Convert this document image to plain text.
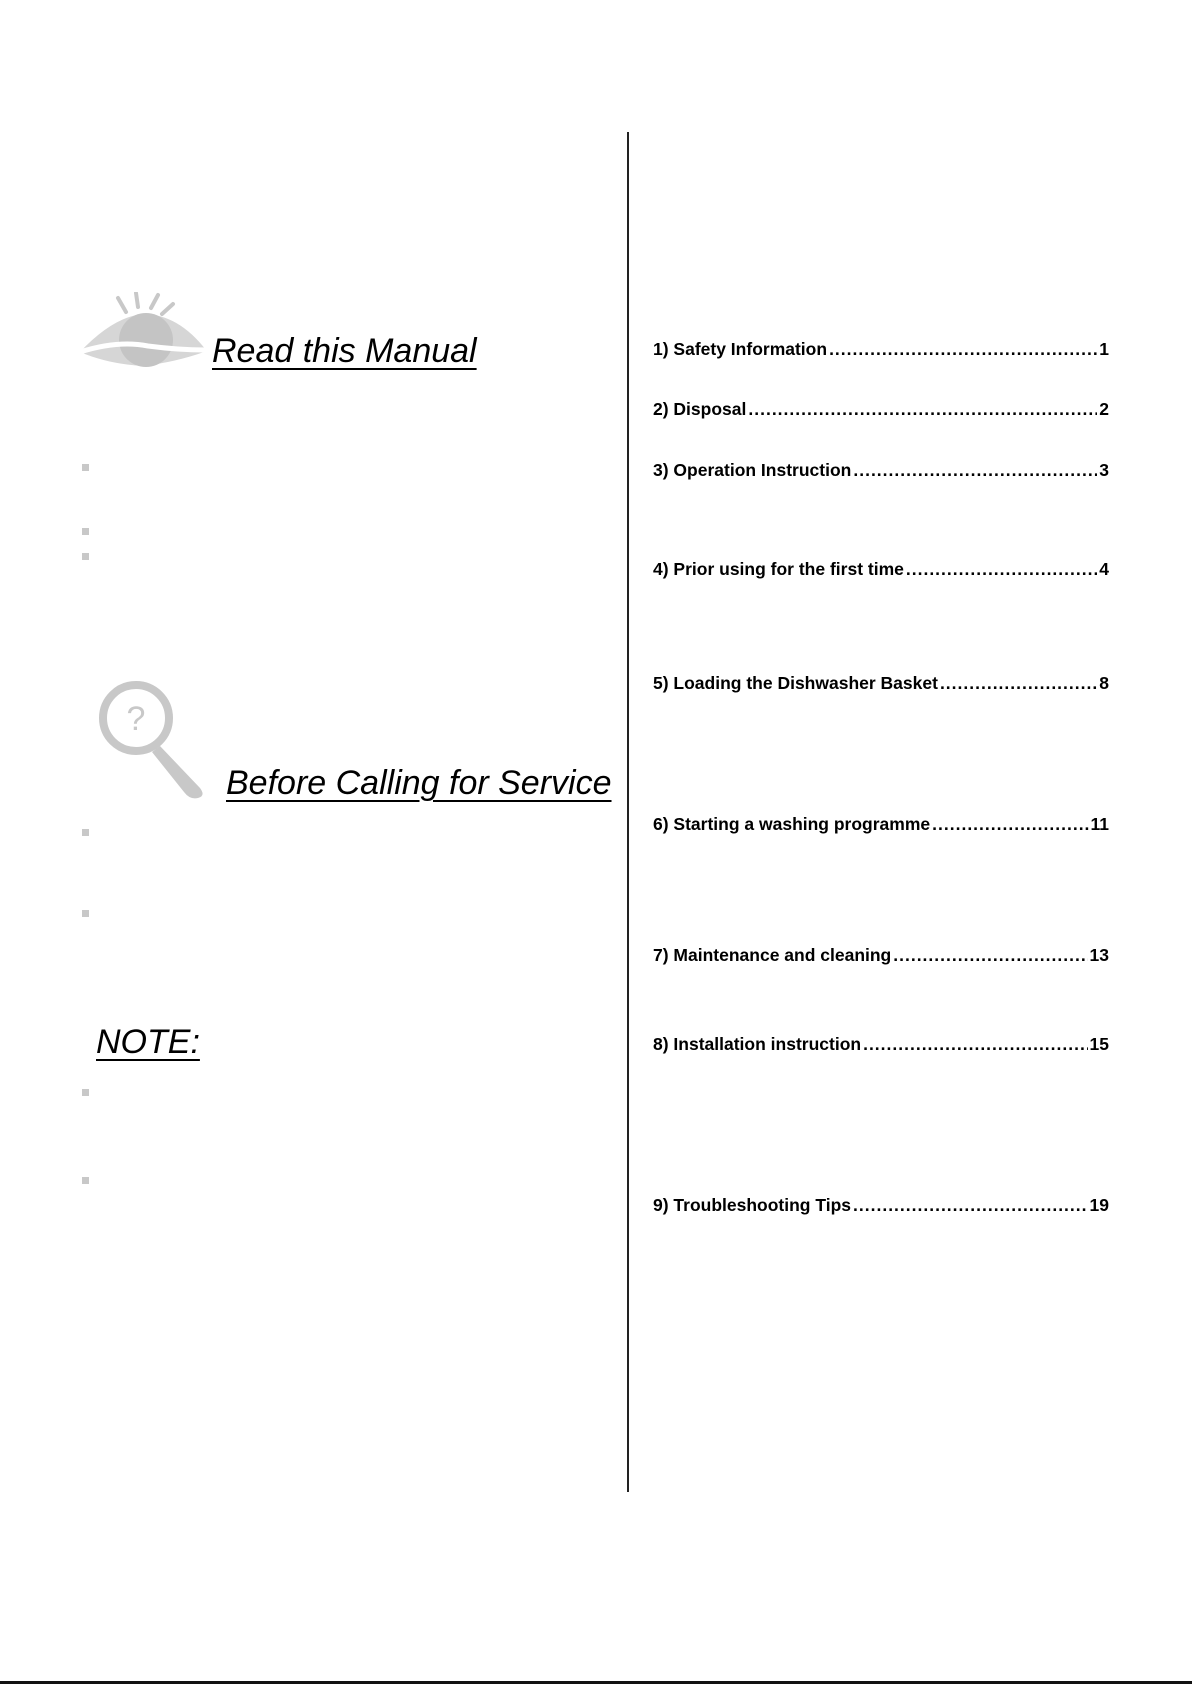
Read this Manual
?
Before Calling for Service
NOTE:
1) Safety Information .....	1
2) Disposal .....	2
3) Operation Instruction .....	3
4) Prior using for the first time .....	4
5) Loading the Dishwasher Basket .....	8
6) Starting a washing programme .....	11
7) Maintenance and cleaning .....	13
8) Installation instruction .....	15
9) Troubleshooting Tips .....	19
